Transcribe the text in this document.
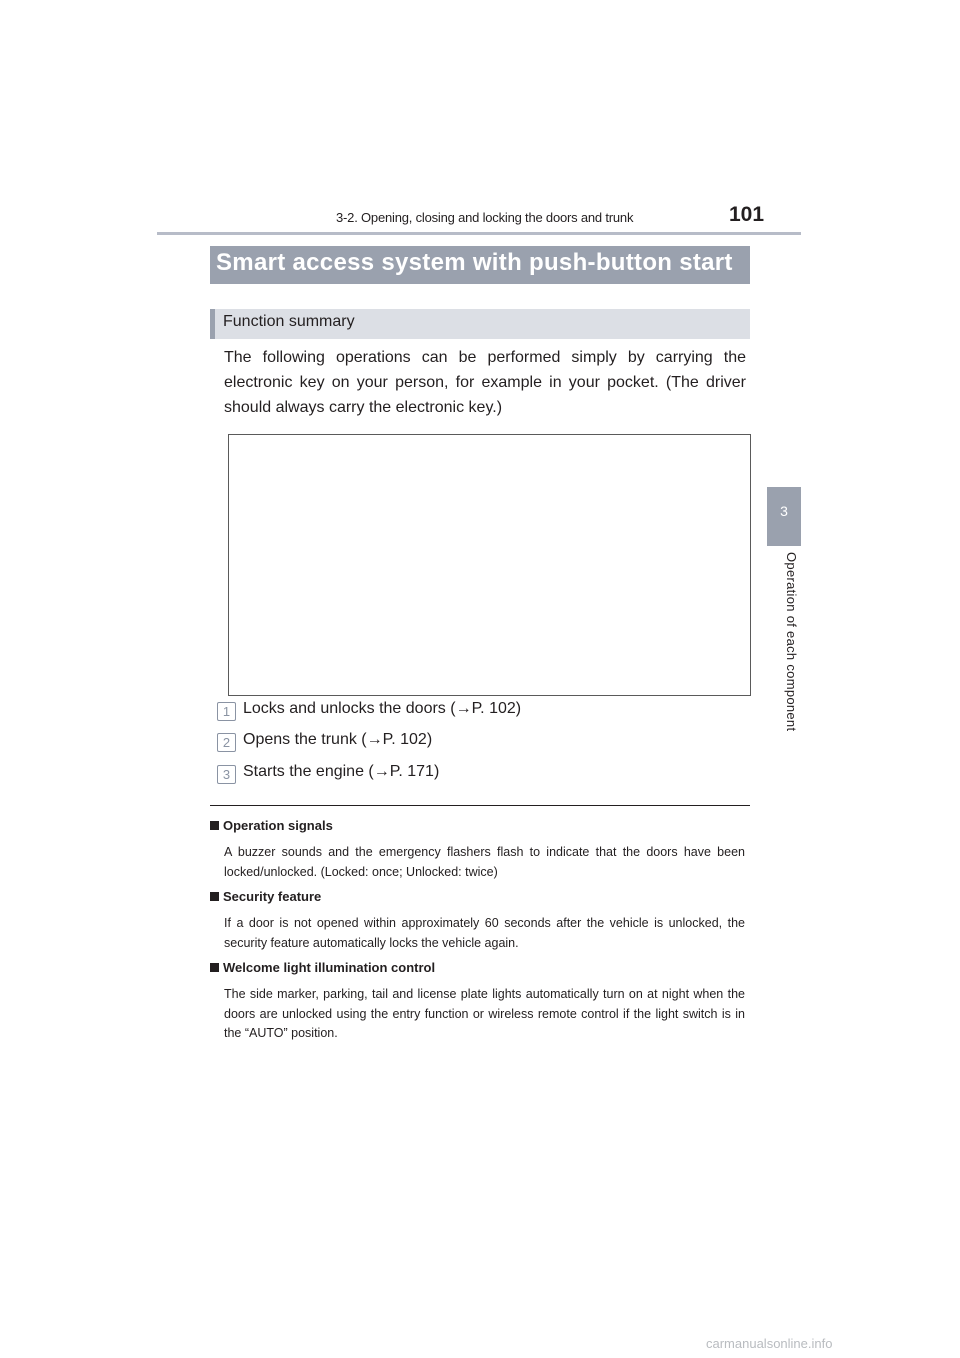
3-2. Opening, closing and locking the doors and trunk	101
3
Operation of each component
Smart access system with push-button start
Function summary
The following operations can be performed simply by carrying the electronic key on your person, for example in your pocket. (The driver should always carry the electronic key.)
1 Locks and unlocks the doors (→P. 102)
2 Opens the trunk (→P. 102)
3 Starts the engine (→P. 171)
Operation signals
A buzzer sounds and the emergency flashers flash to indicate that the doors have been locked/unlocked. (Locked: once; Unlocked: twice)
Security feature
If a door is not opened within approximately 60 seconds after the vehicle is unlocked, the security feature automatically locks the vehicle again.
Welcome light illumination control
The side marker, parking, tail and license plate lights automatically turn on at night when the doors are unlocked using the entry function or wireless remote control if the light switch is in the “AUTO” position.
carmanualsonline.info
